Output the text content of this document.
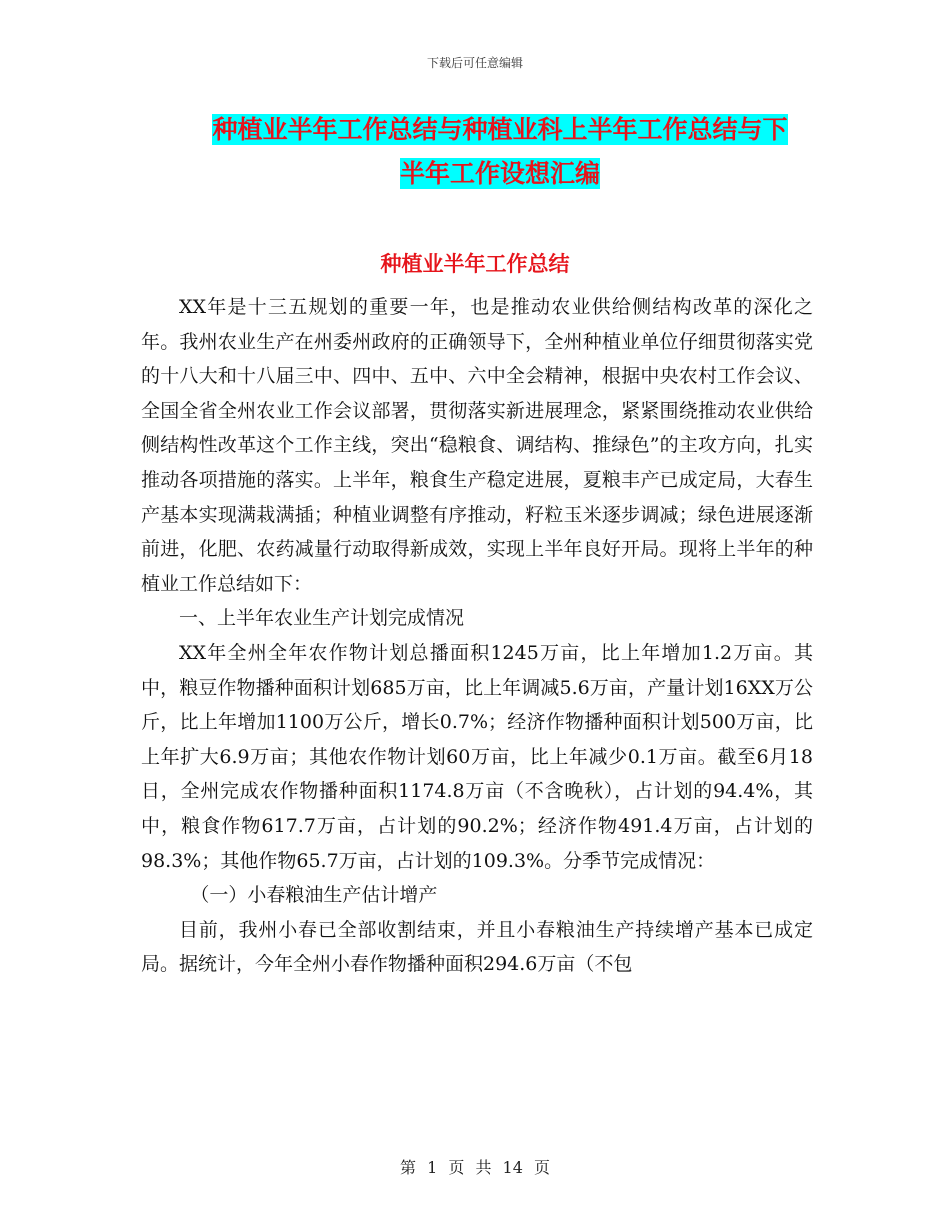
下载后可任意编辑
种植业半年工作总结与种植业科上半年工作总结与下
半年工作设想汇编
种植业半年工作总结

XX年是十三五规划的重要一年，也是推动农业供给侧结构改革的深化之年。我州农业生产在州委州政府的正确领导下，全州种植业单位仔细贯彻落实党的十八大和十八届三中、四中、五中、六中全会精神，根据中央农村工作会议、全国全省全州农业工作会议部署，贯彻落实新进展理念，紧紧围绕推动农业供给侧结构性改革这个工作主线，突出“稳粮食、调结构、推绿色”的主攻方向，扎实推动各项措施的落实。上半年，粮食生产稳定进展，夏粮丰产已成定局，大春生产基本实现满栽满插；种植业调整有序推动，籽粒玉米逐步调减；绿色进展逐渐前进，化肥、农药减量行动取得新成效，实现上半年良好开局。现将上半年的种植业工作总结如下：

一、上半年农业生产计划完成情况

XX年全州全年农作物计划总播面积1245万亩，比上年增加1.2万亩。其中，粮豆作物播种面积计划685万亩，比上年调减5.6万亩，产量计划16XX万公斤，比上年增加1100万公斤，增长0.7%；经济作物播种面积计划500万亩，比上年扩大6.9万亩；其他农作物计划60万亩，比上年减少0.1万亩。截至6月18日，全州完成农作物播种面积1174.8万亩（不含晚秋），占计划的94.4%，其中，粮食作物617.7万亩，占计划的90.2%；经济作物491.4万亩，占计划的98.3%；其他作物65.7万亩，占计划的109.3%。分季节完成情况：

（一）小春粮油生产估计增产

目前，我州小春已全部收割结束，并且小春粮油生产持续增产基本已成定局。据统计，今年全州小春作物播种面积294.6万亩（不包

第 1 页 共 14 页
